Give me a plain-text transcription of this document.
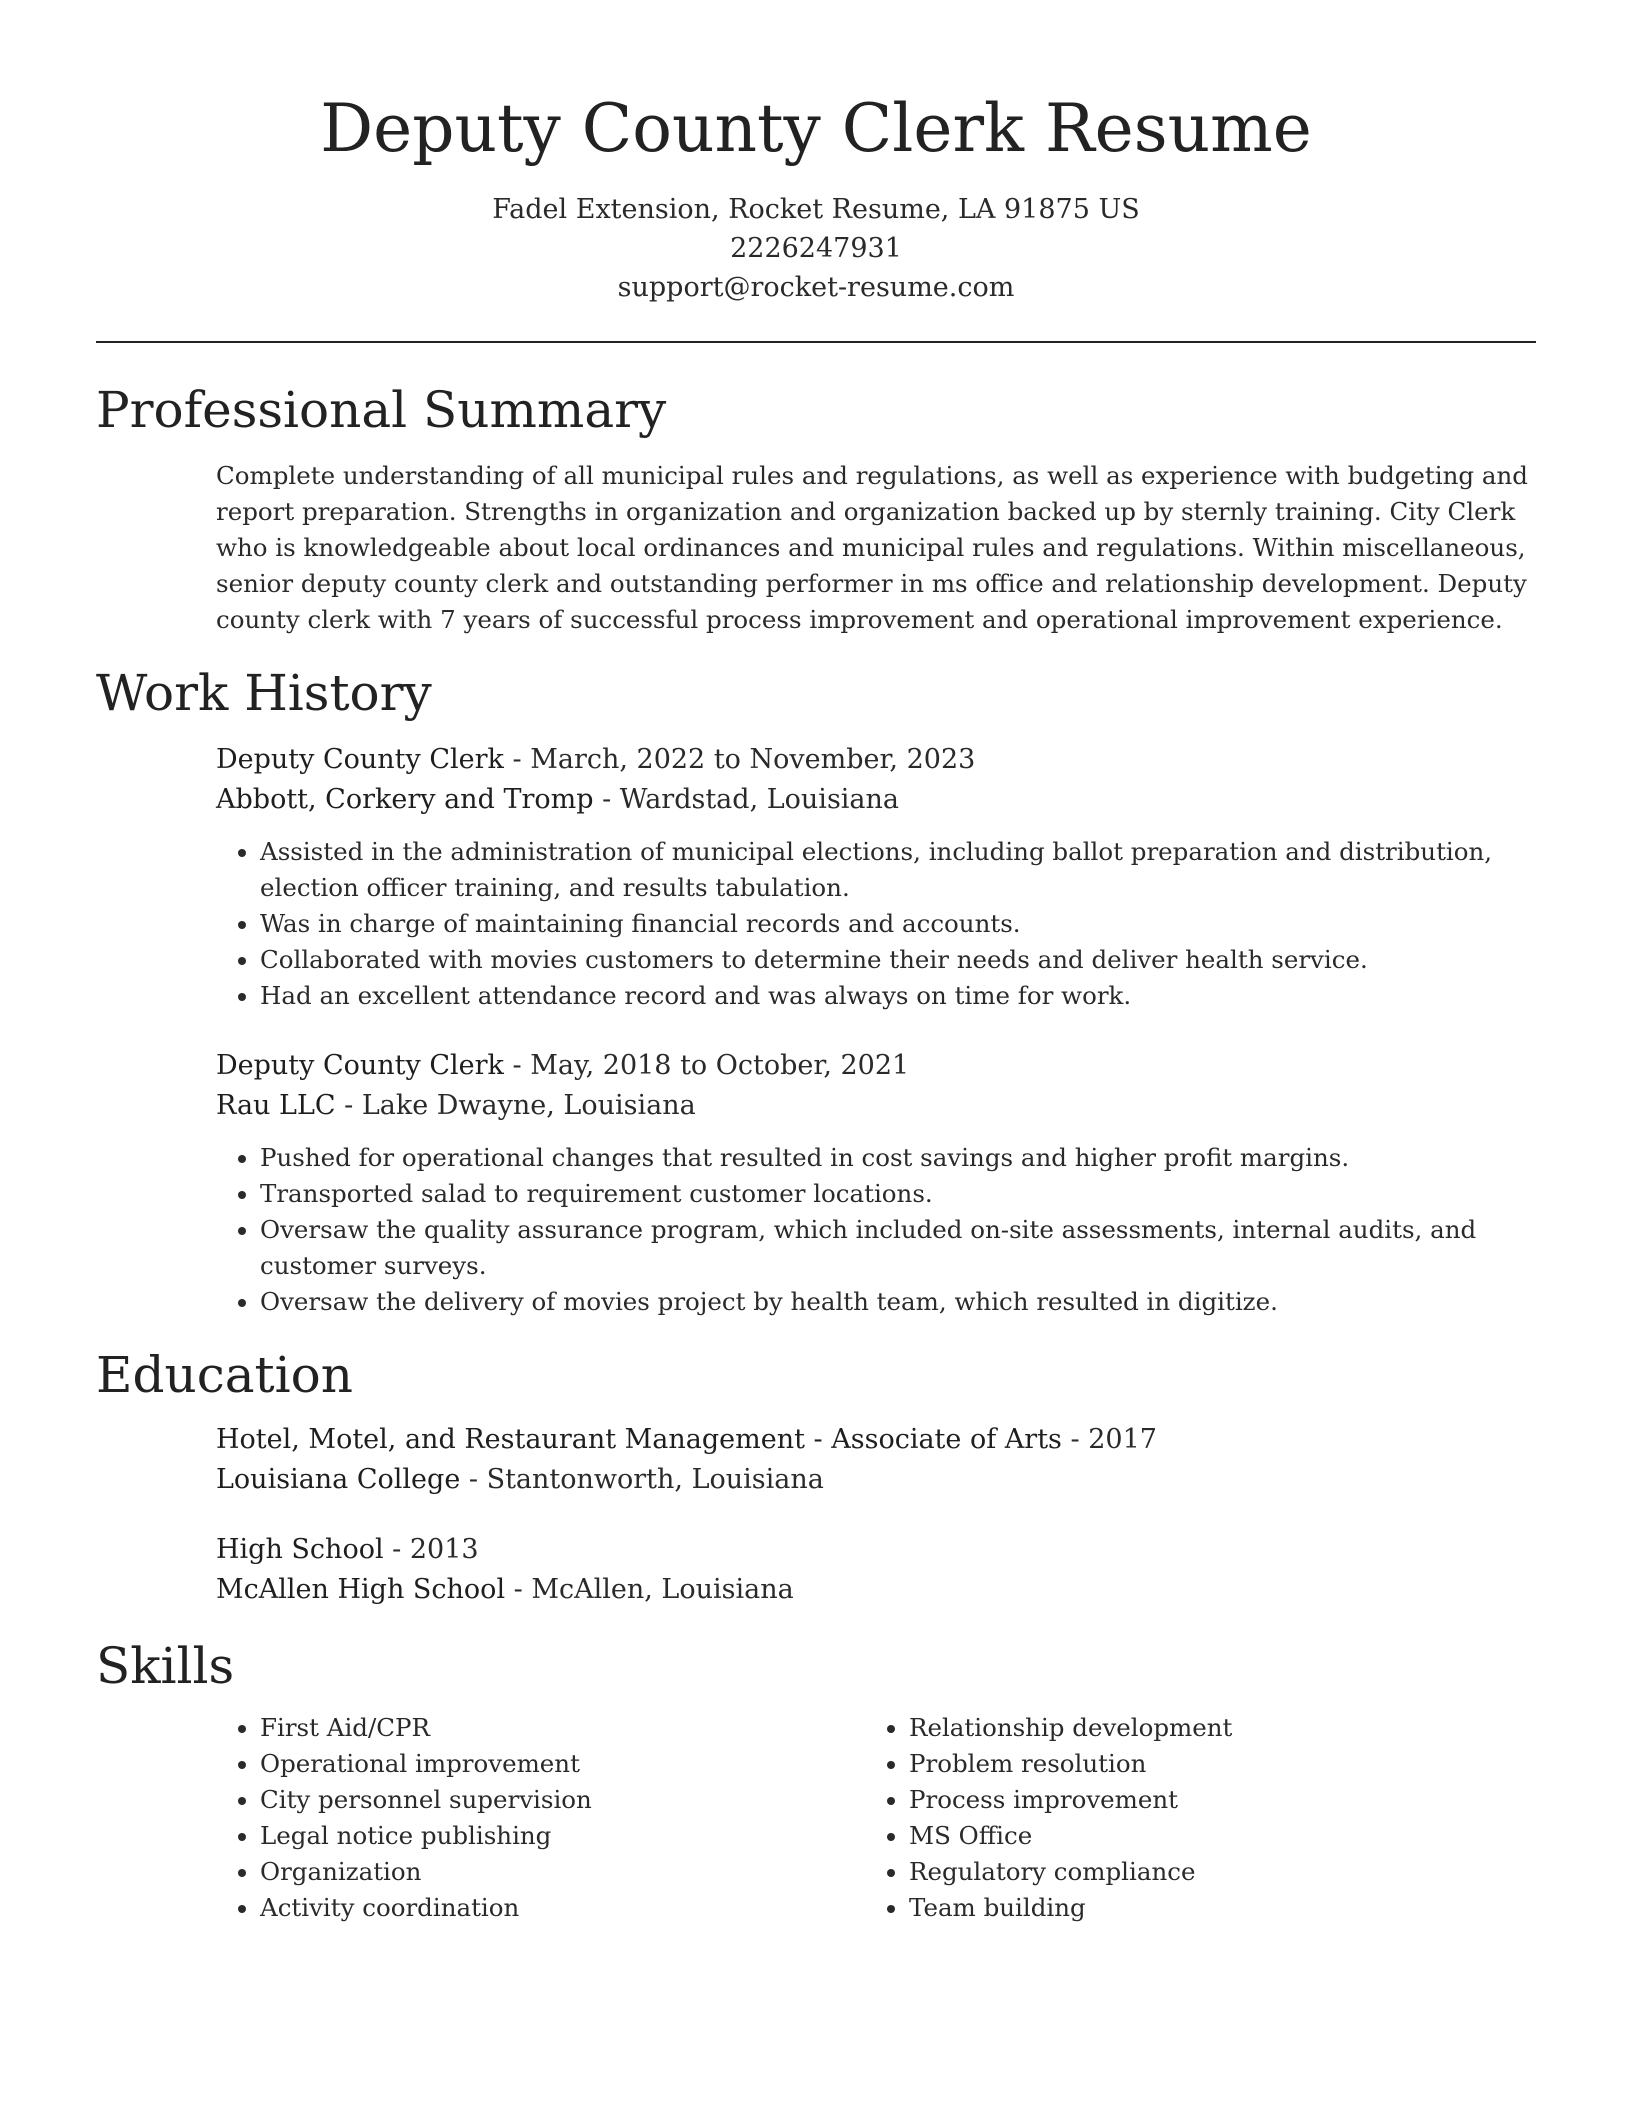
Deputy County Clerk Resume
Fadel Extension, Rocket Resume, LA 91875 US
2226247931
support@rocket-resume.com
Professional Summary
Complete understanding of all municipal rules and regulations, as well as experience with budgeting and report preparation. Strengths in organization and organization backed up by sternly training. City Clerk who is knowledgeable about local ordinances and municipal rules and regulations. Within miscellaneous, senior deputy county clerk and outstanding performer in ms office and relationship development. Deputy county clerk with 7 years of successful process improvement and operational improvement experience.
Work History
Deputy County Clerk - March, 2022 to November, 2023
Abbott, Corkery and Tromp - Wardstad, Louisiana
• Assisted in the administration of municipal elections, including ballot preparation and distribution, election officer training, and results tabulation.
• Was in charge of maintaining financial records and accounts.
• Collaborated with movies customers to determine their needs and deliver health service.
• Had an excellent attendance record and was always on time for work.
Deputy County Clerk - May, 2018 to October, 2021
Rau LLC - Lake Dwayne, Louisiana
• Pushed for operational changes that resulted in cost savings and higher profit margins.
• Transported salad to requirement customer locations.
• Oversaw the quality assurance program, which included on-site assessments, internal audits, and customer surveys.
• Oversaw the delivery of movies project by health team, which resulted in digitize.
Education
Hotel, Motel, and Restaurant Management - Associate of Arts - 2017
Louisiana College - Stantonworth, Louisiana
High School - 2013
McAllen High School - McAllen, Louisiana
Skills
• First Aid/CPR
• Operational improvement
• City personnel supervision
• Legal notice publishing
• Organization
• Activity coordination
• Relationship development
• Problem resolution
• Process improvement
• MS Office
• Regulatory compliance
• Team building
